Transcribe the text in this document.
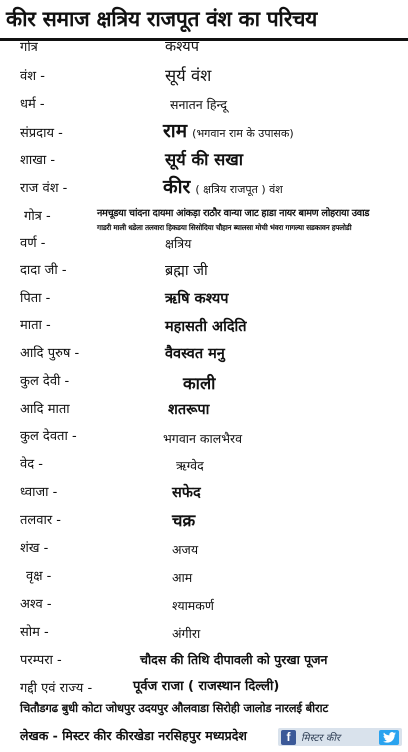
कीर समाज क्षत्रिय राजपूत वंश का परिचय
गोत्र
वंश -
धर्म -
संप्रदाय -
शाखा -
राज वंश -
गोत्र -
वर्ण -
दादा जी -
पिता -
माता -
आदि पुरुष -
कुल देवी -
आदि माता
कुल देवता -
वेद -
ध्वाजा -
तलवार -
शंख -
वृक्ष -
अश्व -
सोम -
परम्परा -
गद्दी एवं राज्य -
कश्यप
सूर्य वंश
सनातन हिन्दू
राम (भगवान राम के उपासक)
सूर्य की सखा
कीर ( क्षत्रिय राजपूत ) वंश
नमचूडया चांदना दायमा आंकड़ा राठौर वान्या जाट हाडा नायर बामण लोहराया उवाड
गाडरी माली धडेला तलवारा हिकडया सिसोदिया चौहान ब्यालसा मोची भंवरा गागल्या सडकावन हपलोडी
क्षत्रिय
ब्रह्मा जी
ऋषि कश्यप
महासती अदिति
वैवस्वत मनु
काली
शतरूपा
भगवान कालभैरव
ऋग्वेद
सफेद
चक्र
अजय
आम
श्यामकर्ण
अंगीरा
चौदस की तिथि दीपावली को पुरखा पूजन
पूर्वज राजा ( राजस्थान दिल्ली)
चितौडगढ बुधी कोटा जोधपुर उदयपुर औलवाडा सिरोही जालोड नारलई बीराट
लेखक - मिस्टर कीर कीरखेडा नरसिहपुर मध्यप्रदेश	f	मिस्टर कीर
